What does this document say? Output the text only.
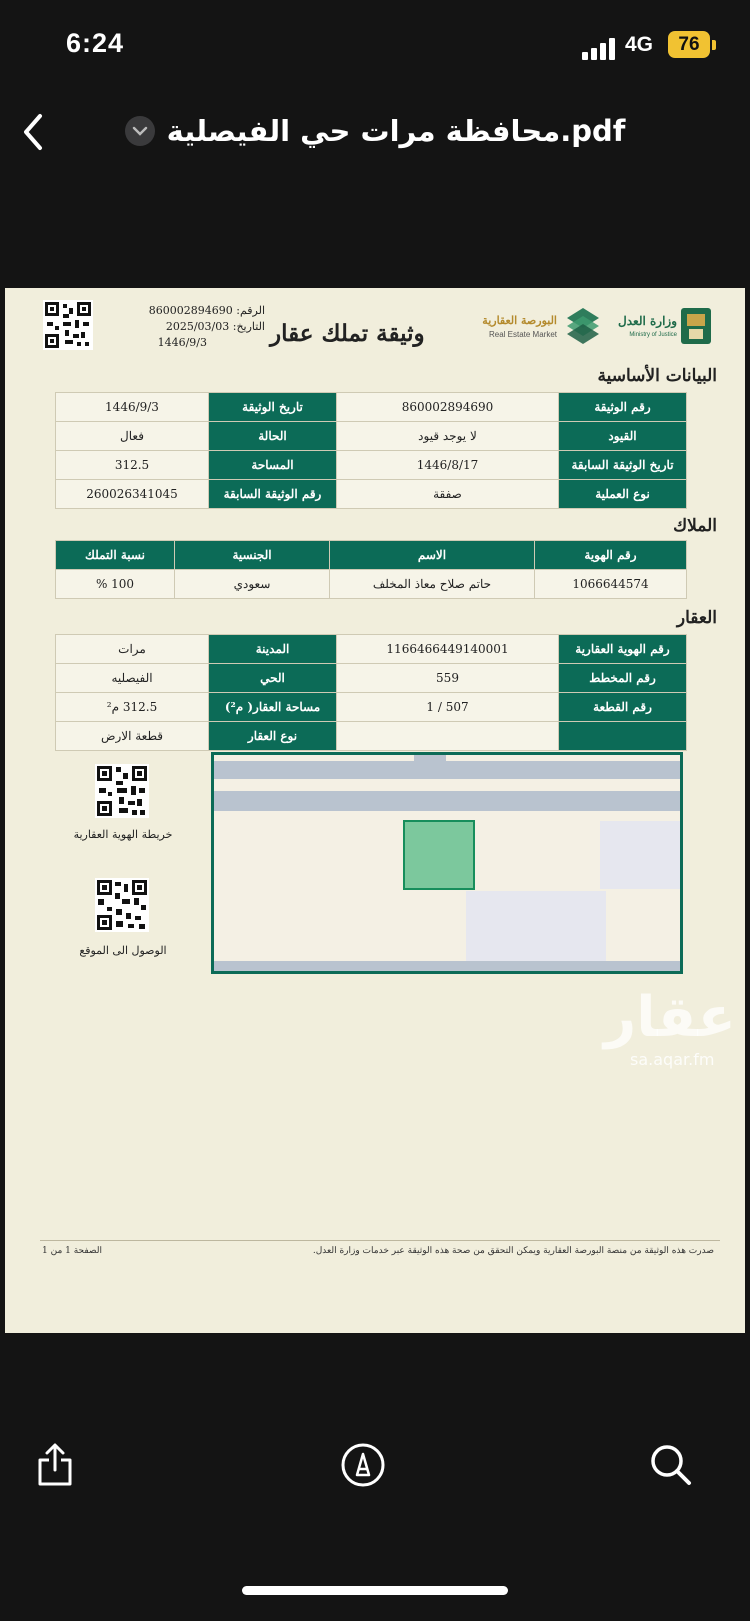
6:24	4G	76
محافظة مرات حي الفيصلية.pdf
الرقم: 860002894690
التاريخ: 2025/03/03
1446/9/3	وثيقة تملك عقار	وزارة العدل
Ministry of Justice
البورصة العقارية
Real Estate Market
البيانات الأساسية
رقم الوثيقة	860002894690	تاريخ الوثيقة	1446/9/3
القيود	لا يوجد قيود	الحالة	فعال
تاريخ الوثيقة السابقة	1446/8/17	المساحة	312.5
نوع العملية	صفقة	رقم الوثيقة السابقة	260026341045
الملاك
رقم الهوية	الاسم	الجنسية	نسبة التملك
1066644574	حاتم صلاح معاذ المخلف	سعودي	100 %
العقار
رقم الهوية العقارية	1166466449140001	المدينة	مرات
رقم المخطط	559	الحي	الفيصليه
رقم القطعة	507 / 1	مساحة العقار( م²)	312.5 م²
		نوع العقار	قطعة الارض
خريطة الهوية العقارية
الوصول الى الموقع
عقار
sa.aqar.fm
الصفحة 1 من 1	صدرت هذه الوثيقة من منصة البورصة العقارية ويمكن التحقق من صحة هذه الوثيقة عبر خدمات وزارة العدل.
